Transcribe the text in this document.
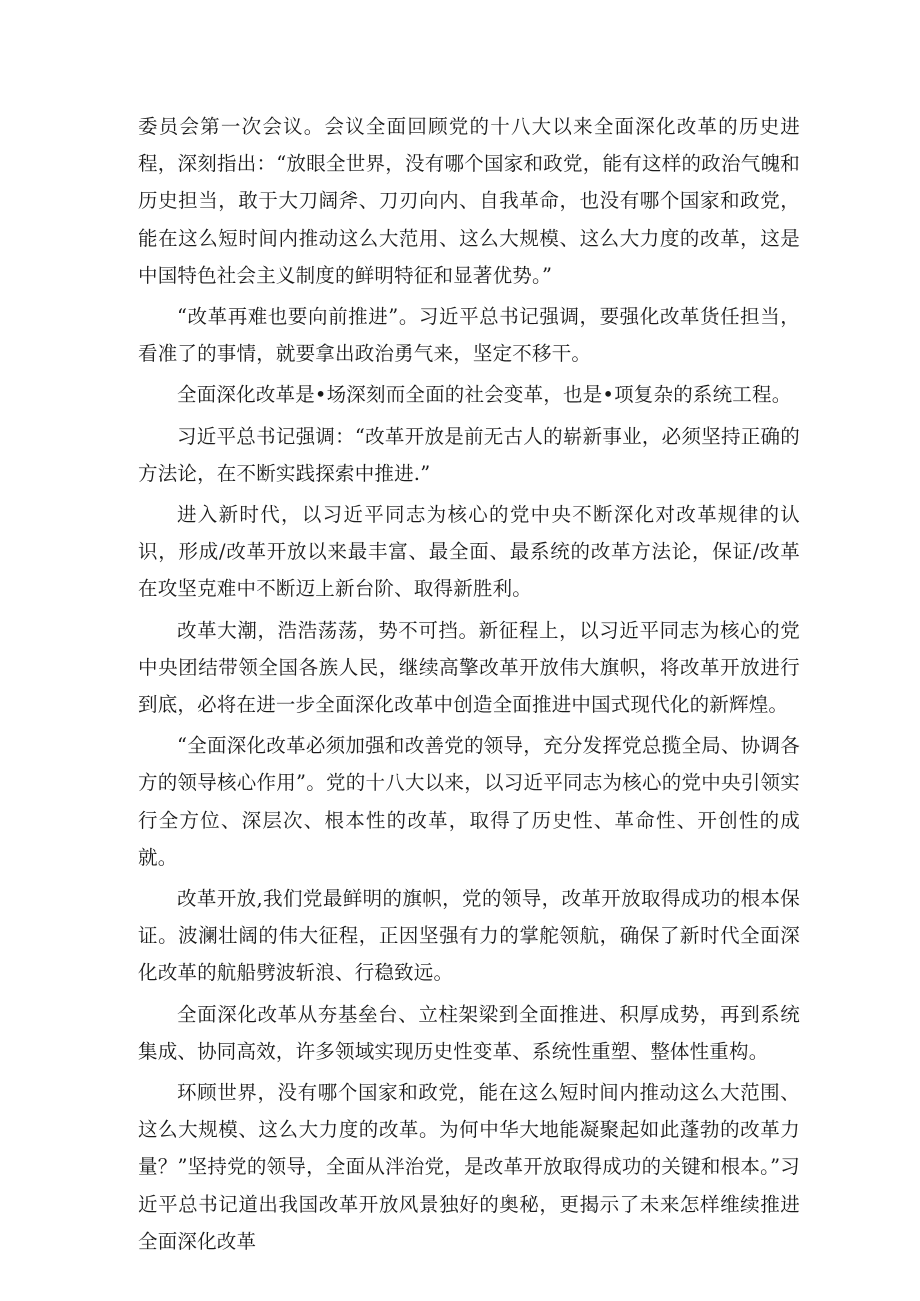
委员会第一次会议。会议全面回顾党的十八大以来全面深化改革的历史进程，深刻指出：“放眼全世界，没有哪个国家和政党，能有这样的政治气魄和历史担当，敢于大刀阔斧、刀刃向内、自我革命，也没有哪个国家和政党，能在这么短时间内推动这么大范用、这么大规模、这么大力度的改革，这是中国特色社会主义制度的鲜明特征和显著优势。”

“改革再难也要向前推进”。习近平总书记强调，要强化改革货任担当，看准了的事情，就要拿出政治勇气来，坚定不移干。

全面深化改革是•场深刻而全面的社会变革，也是•项复杂的系统工程。

习近平总书记强调：“改革开放是前无古人的崭新事业，必须坚持正确的方法论，在不断实践探索中推进.”

进入新时代，以习近平同志为核心的党中央不断深化对改革规律的认识，形成/改革开放以来最丰富、最全面、最系统的改革方法论，保证/改革在攻坚克难中不断迈上新台阶、取得新胜利。

改革大潮，浩浩荡荡，势不可挡。新征程上，以习近平同志为核心的党中央团结带领全国各族人民，继续高擎改革开放伟大旗帜，将改革开放进行到底，必将在进一步全面深化改革中创造全面推进中国式现代化的新辉煌。

“全面深化改革必须加强和改善党的领导，充分发挥党总揽全局、协调各方的领导核心作用”。党的十八大以来，以习近平同志为核心的党中央引领实行全方位、深层次、根本性的改革，取得了历史性、革命性、开创性的成就。

改革开放,我们党最鲜明的旗帜，党的领导，改革开放取得成功的根本保证。波澜壮阔的伟大征程，正因坚强有力的掌舵领航，确保了新时代全面深化改革的航船劈波斩浪、行稳致远。

全面深化改革从夯基垒台、立柱架梁到全面推进、积厚成势，再到系统集成、协同高效，许多领域实现历史性变革、系统性重塑、整体性重构。

环顾世界，没有哪个国家和政党，能在这么短时间内推动这么大范围、这么大规模、这么大力度的改革。为何中华大地能凝聚起如此蓬勃的改革力量？”坚持党的领导，全面从泮治党，是改革开放取得成功的关键和根本。”习近平总书记道出我国改革开放风景独好的奥秘，更揭示了未来怎样维续推进全面深化改革
